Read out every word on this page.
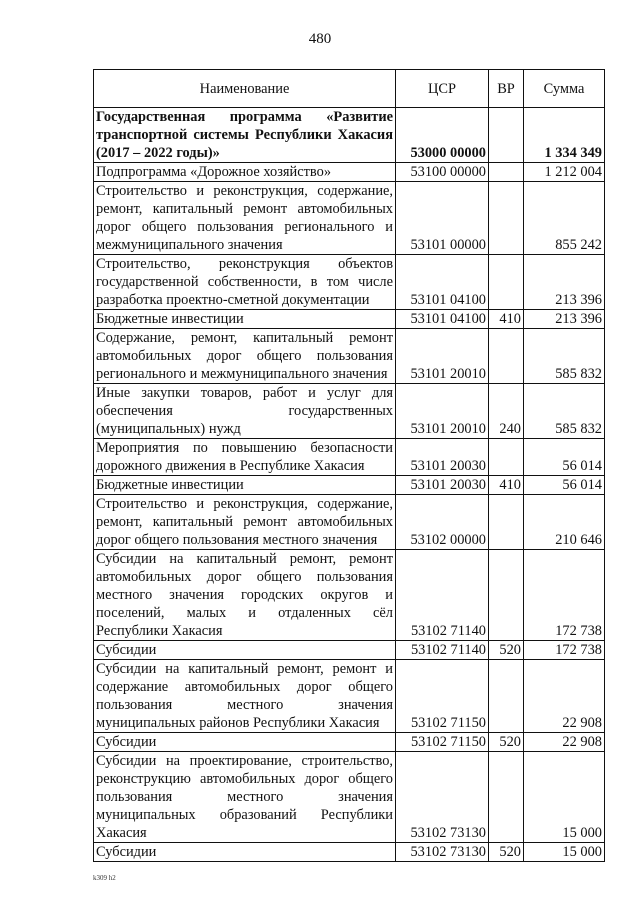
480
Наименование	ЦСР	ВР	Сумма
Государственная программа «Развитие транспортной системы Республики Хакасия (2017 – 2022 годы)»	53000 00000		1 334 349
Подпрограмма «Дорожное хозяйство»	53100 00000		1 212 004
Строительство и реконструкция, содержание, ремонт, капитальный ремонт автомобильных дорог общего пользования регионального и межмуниципального значения	53101 00000		855 242
Строительство, реконструкция объектов государственной собственности, в том числе разработка проектно-сметной документации	53101 04100		213 396
Бюджетные инвестиции	53101 04100	410	213 396
Содержание, ремонт, капитальный ремонт автомобильных дорог общего пользования регионального и межмуниципального значения	53101 20010		585 832
Иные закупки товаров, работ и услуг для обеспечения государственных (муниципальных) нужд	53101 20010	240	585 832
Мероприятия по повышению безопасности дорожного движения в Республике Хакасия	53101 20030		56 014
Бюджетные инвестиции	53101 20030	410	56 014
Строительство и реконструкция, содержание, ремонт, капитальный ремонт автомобильных дорог общего пользования местного значения	53102 00000		210 646
Субсидии на капитальный ремонт, ремонт автомобильных дорог общего пользования местного значения городских округов и поселений, малых и отдаленных сёл Республики Хакасия	53102 71140		172 738
Субсидии	53102 71140	520	172 738
Субсидии на капитальный ремонт, ремонт и содержание автомобильных дорог общего пользования местного значения муниципальных районов Республики Хакасия	53102 71150		22 908
Субсидии	53102 71150	520	22 908
Субсидии на проектирование, строительство, реконструкцию автомобильных дорог общего пользования местного значения муниципальных образований Республики Хакасия	53102 73130		15 000
Субсидии	53102 73130	520	15 000
k309 h2
